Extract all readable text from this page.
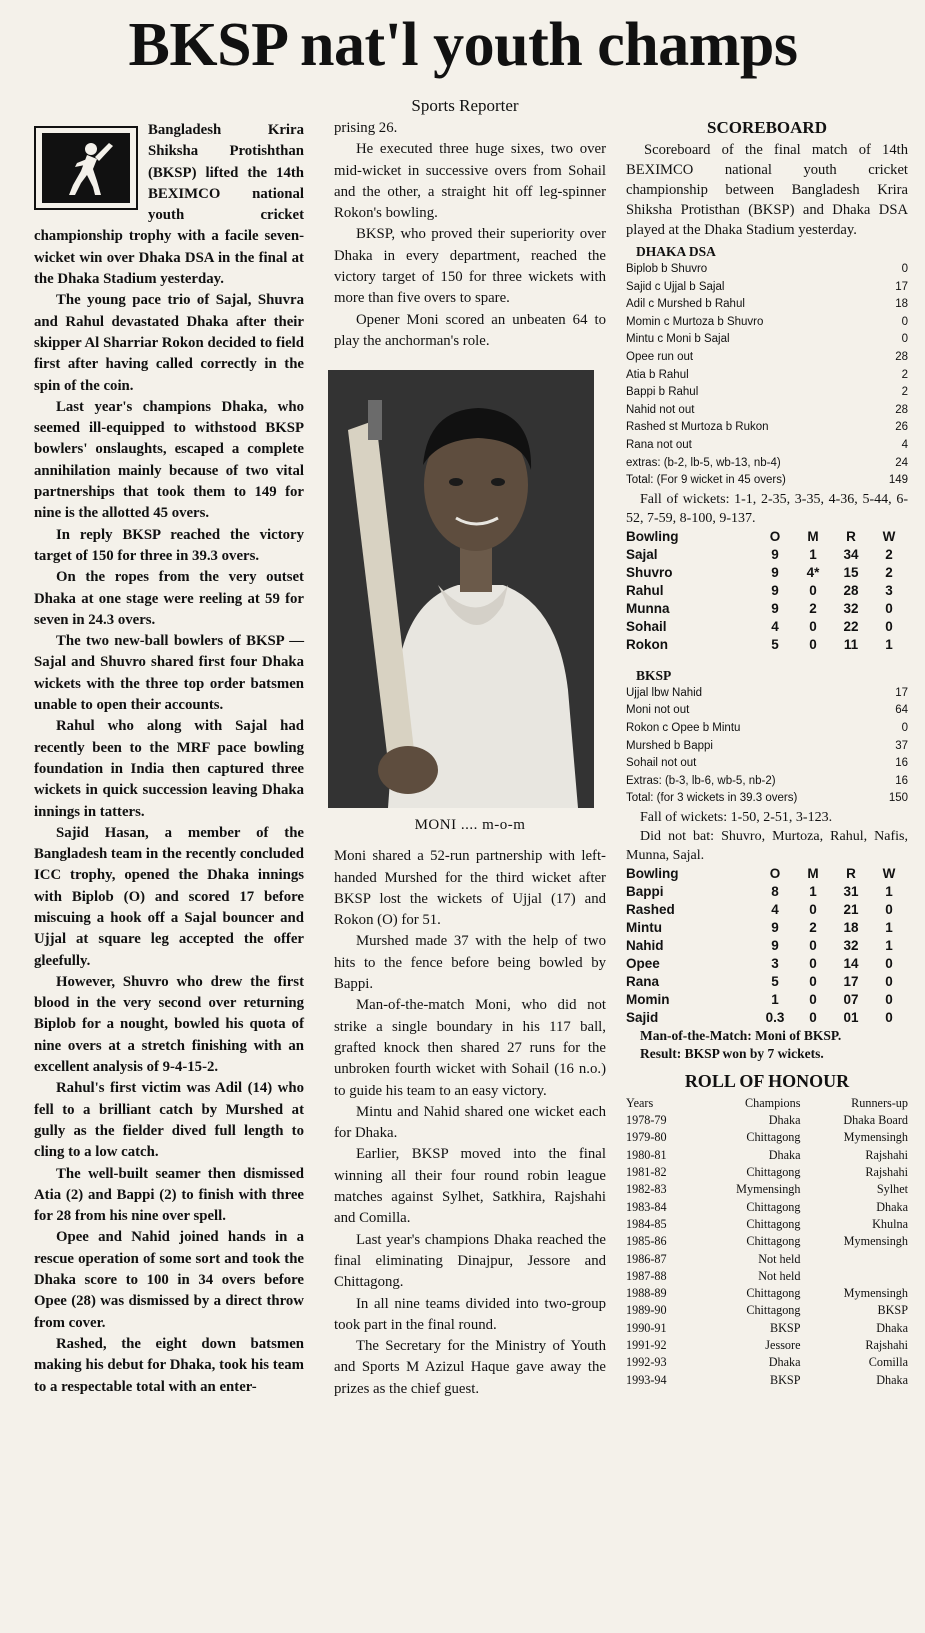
BKSP nat'l youth champs
Sports Reporter

Bangladesh Krira Shiksha Protishthan (BKSP) lifted the 14th BEXIMCO national youth cricket championship trophy with a facile seven-wicket win over Dhaka DSA in the final at the Dhaka Stadium yesterday.

The young pace trio of Sajal, Shuvra and Rahul devastated Dhaka after their skipper Al Sharriar Rokon decided to field first after having called correctly in the spin of the coin.

Last year's champions Dhaka, who seemed ill-equipped to withstood BKSP bowlers' onslaughts, escaped a complete annihilation mainly because of two vital partnerships that took them to 149 for nine is the allotted 45 overs.

In reply BKSP reached the victory target of 150 for three in 39.3 overs.

On the ropes from the very outset Dhaka at one stage were reeling at 59 for seven in 24.3 overs.

The two new-ball bowlers of BKSP — Sajal and Shuvro shared first four Dhaka wickets with the three top order batsmen unable to open their accounts.

Rahul who along with Sajal had recently been to the MRF pace bowling foundation in India then captured three wickets in quick succession leaving Dhaka innings in tatters.

Sajid Hasan, a member of the Bangladesh team in the recently concluded ICC trophy, opened the Dhaka innings with Biplob (O) and scored 17 before miscuing a hook off a Sajal bouncer and Ujjal at square leg accepted the offer gleefully.

However, Shuvro who drew the first blood in the very second over returning Biplob for a nought, bowled his quota of nine overs at a stretch finishing with an excellent analysis of 9-4-15-2.

Rahul's first victim was Adil (14) who fell to a brilliant catch by Murshed at gully as the fielder dived full length to cling to a low catch.

The well-built seamer then dismissed Atia (2) and Bappi (2) to finish with three for 28 from his nine over spell.

Opee and Nahid joined hands in a rescue operation of some sort and took the Dhaka score to 100 in 34 overs before Opee (28) was dismissed by a direct throw from cover.

Rashed, the eight down batsmen making his debut for Dhaka, took his team to a respectable total with an enter-

prising 26.

He executed three huge sixes, two over mid-wicket in successive overs from Sohail and the other, a straight hit off leg-spinner Rokon's bowling.

BKSP, who proved their superiority over Dhaka in every department, reached the victory target of 150 for three wickets with more than five overs to spare.

Opener Moni scored an unbeaten 64 to play the anchorman's role.

MONI .... m-o-m

Moni shared a 52-run partnership with left-handed Murshed for the third wicket after BKSP lost the wickets of Ujjal (17) and Rokon (O) for 51.

Murshed made 37 with the help of two hits to the fence before being bowled by Bappi.

Man-of-the-match Moni, who did not strike a single boundary in his 117 ball, grafted knock then shared 27 runs for the unbroken fourth wicket with Sohail (16 n.o.) to guide his team to an easy victory.

Mintu and Nahid shared one wicket each for Dhaka.

Earlier, BKSP moved into the final winning all their four round robin league matches against Sylhet, Satkhira, Rajshahi and Comilla.

Last year's champions Dhaka reached the final eliminating Dinajpur, Jessore and Chittagong.

In all nine teams divided into two-group took part in the final round.

The Secretary for the Ministry of Youth and Sports M Azizul Haque gave away the prizes as the chief guest.

SCOREBOARD

Scoreboard of the final match of 14th BEXIMCO national youth cricket championship between Bangladesh Krira Shiksha Protisthan (BKSP) and Dhaka DSA played at the Dhaka Stadium yesterday.

DHAKA DSA
Biplob b Shuvro	0
Sajid c Ujjal b Sajal	17
Adil c Murshed b Rahul	18
Momin c Murtoza b Shuvro	0
Mintu c Moni b Sajal	0
Opee run out	28
Atia b Rahul	2
Bappi b Rahul	2
Nahid not out	28
Rashed st Murtoza b Rukon	26
Rana not out	4
extras: (b-2, lb-5, wb-13, nb-4)	24
Total: (For 9 wicket in 45 overs)	149

Fall of wickets: 1-1, 2-35, 3-35, 4-36, 5-44, 6-52, 7-59, 8-100, 9-137.

Bowling	O	M	R	W
Sajal	9	1	34	2
Shuvro	9	4*	15	2
Rahul	9	0	28	3
Munna	9	2	32	0
Sohail	4	0	22	0
Rokon	5	0	11	1
BKSP
Ujjal lbw Nahid	17
Moni not out	64
Rokon c Opee b Mintu	0
Murshed b Bappi	37
Sohail not out	16
Extras: (b-3, lb-6, wb-5, nb-2)	16
Total: (for 3 wickets in 39.3 overs)	150

Fall of wickets: 1-50, 2-51, 3-123.

Did not bat: Shuvro, Murtoza, Rahul, Nafis, Munna, Sajal.

Bowling	O	M	R	W
Bappi	8	1	31	1
Rashed	4	0	21	0
Mintu	9	2	18	1
Nahid	9	0	32	1
Opee	3	0	14	0
Rana	5	0	17	0
Momin	1	0	07	0
Sajid	0.3	0	01	0

Man-of-the-Match: Moni of BKSP.

Result: BKSP won by 7 wickets.

ROLL OF HONOUR
Years	Champions	Runners-up
1978-79	Dhaka	Dhaka Board
1979-80	Chittagong	Mymensingh
1980-81	Dhaka	Rajshahi
1981-82	Chittagong	Rajshahi
1982-83	Mymensingh	Sylhet
1983-84	Chittagong	Dhaka
1984-85	Chittagong	Khulna
1985-86	Chittagong	Mymensingh
1986-87	Not held	
1987-88	Not held	
1988-89	Chittagong	Mymensingh
1989-90	Chittagong	BKSP
1990-91	BKSP	Dhaka
1991-92	Jessore	Rajshahi
1992-93	Dhaka	Comilla
1993-94	BKSP	Dhaka
